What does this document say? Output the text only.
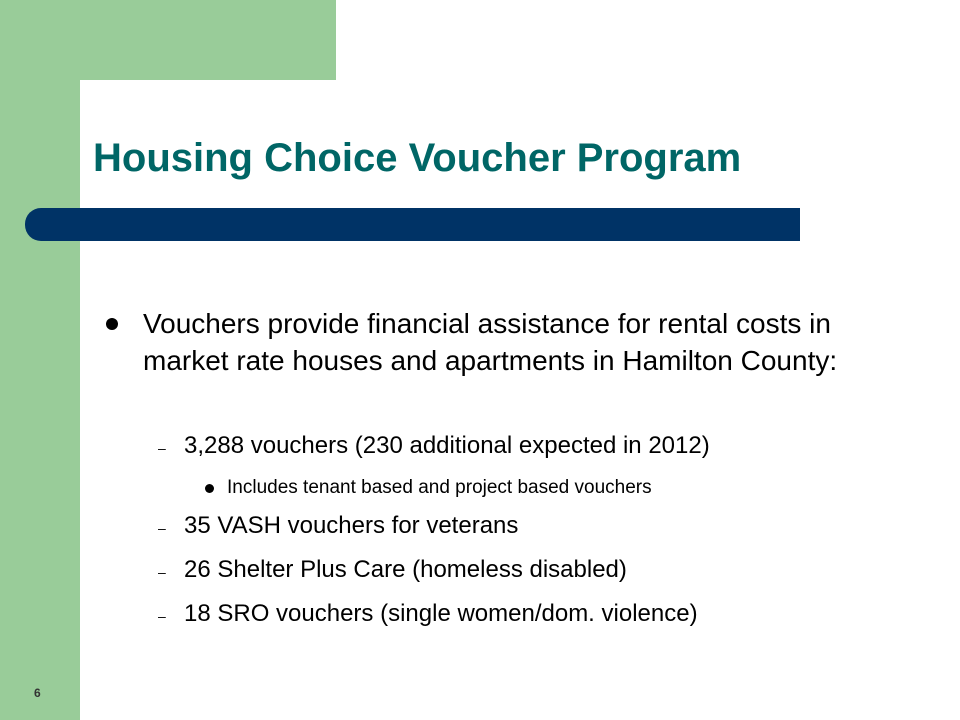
Housing Choice Voucher Program
Vouchers provide financial assistance for rental costs in market rate houses and apartments in Hamilton County:
– 3,288 vouchers (230 additional expected in 2012)
Includes tenant based and project based vouchers
– 35 VASH vouchers for veterans
– 26 Shelter Plus Care (homeless disabled)
– 18 SRO vouchers (single women/dom. violence)
6
